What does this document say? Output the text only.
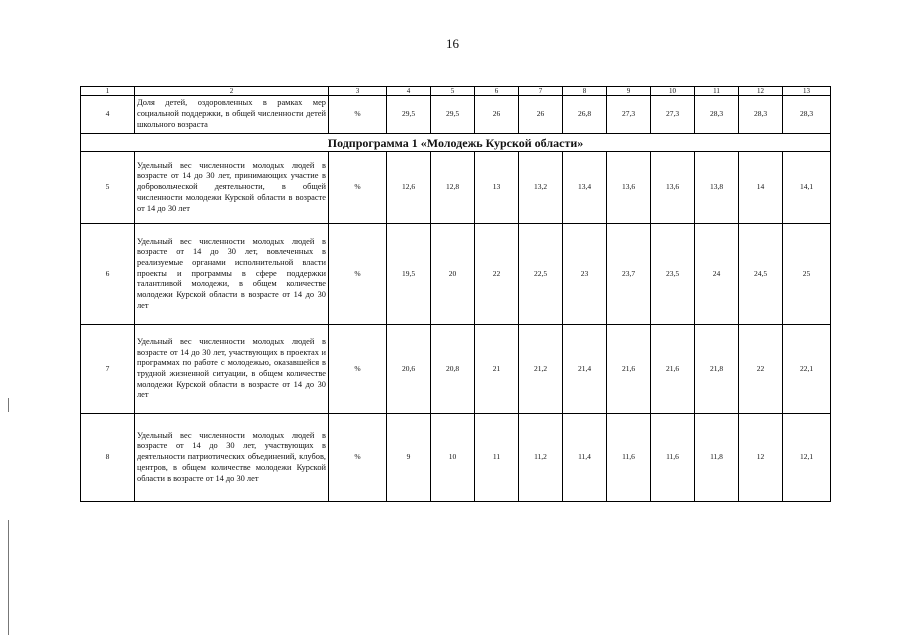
16
1	2	3	4	5	6	7	8	9	10	11	12	13
4	Доля детей, оздоровленных в рамках мер социальной поддержки, в общей численности детей школьного возраста	%	29,5	29,5	26	26	26,8	27,3	27,3	28,3	28,3	28,3
Подпрограмма 1 «Молодежь Курской области»												
5	Удельный вес численности молодых людей в возрасте от 14 до 30 лет, принимающих участие в добровольческой деятельности, в общей численности молодежи Курской области в возрасте от 14 до 30 лет	%	12,6	12,8	13	13,2	13,4	13,6	13,6	13,8	14	14,1
6	Удельный вес численности молодых людей в возрасте от 14 до 30 лет, вовлеченных в реализуемые органами исполнительной власти проекты и программы в сфере поддержки талантливой молодежи, в общем количестве молодежи Курской области в возрасте от 14 до 30 лет	%	19,5	20	22	22,5	23	23,7	23,5	24	24,5	25
7	Удельный вес численности молодых людей в возрасте от 14 до 30 лет, участвующих в проектах и программах по работе с молодежью, оказавшейся в трудной жизненной ситуации, в общем количестве молодежи Курской области в возрасте от 14 до 30 лет	%	20,6	20,8	21	21,2	21,4	21,6	21,6	21,8	22	22,1
8	Удельный вес численности молодых людей в возрасте от 14 до 30 лет, участвующих в деятельности патриотических объединений, клубов, центров, в общем количестве молодежи Курской области в возрасте от 14 до 30 лет	%	9	10	11	11,2	11,4	11,6	11,6	11,8	12	12,1
